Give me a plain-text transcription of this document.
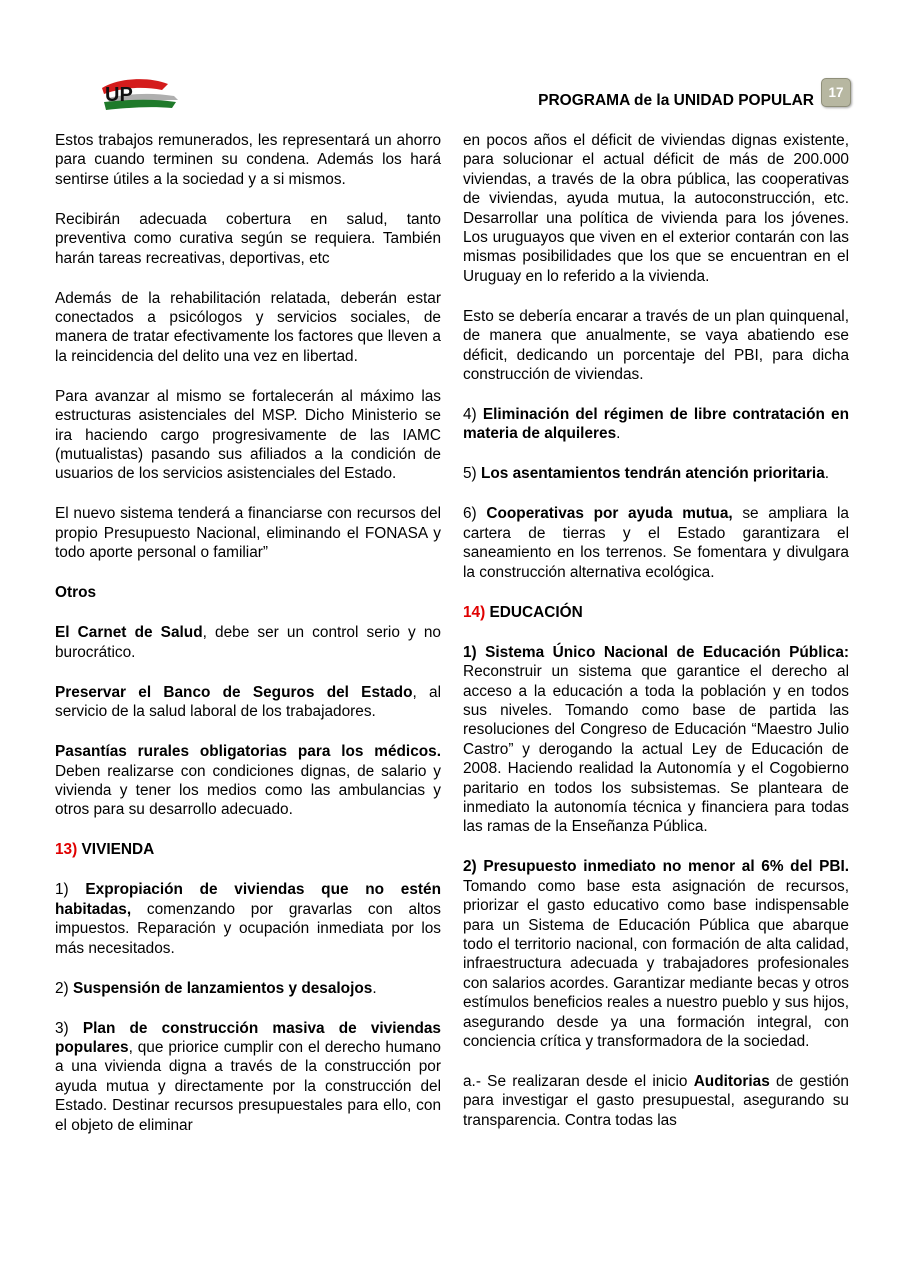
UP	PROGRAMA de la UNIDAD POPULAR	17

Estos trabajos remunerados, les representará un ahorro para cuando terminen su condena. Además los hará sentirse útiles a la sociedad y a si mismos.

Recibirán adecuada cobertura en salud, tanto preventiva como curativa según se requiera. También harán tareas recreativas, deportivas, etc

Además de la rehabilitación relatada, deberán estar conectados a psicólogos y servicios sociales, de manera de tratar efectivamente los factores que lleven a la reincidencia del delito una vez en libertad.

Para avanzar al mismo se fortalecerán al máximo las estructuras asistenciales del MSP. Dicho Ministerio se ira haciendo cargo progresivamente de las IAMC (mutualistas) pasando sus afiliados a la condición de usuarios de los servicios asistenciales del Estado.

El nuevo sistema tenderá a financiarse con recursos del propio Presupuesto Nacional, eliminando el FONASA y todo aporte personal o familiar”

Otros

El Carnet de Salud, debe ser un control serio y no burocrático.

Preservar el Banco de Seguros del Estado, al servicio de la salud laboral de los trabajadores.

Pasantías rurales obligatorias para los médicos. Deben realizarse con condiciones dignas, de salario y vivienda y tener los medios como las ambulancias y otros para su desarrollo adecuado.

13) VIVIENDA

1) Expropiación de viviendas que no estén habitadas, comenzando por gravarlas con altos impuestos. Reparación y ocupación inmediata por los más necesitados.

2) Suspensión de lanzamientos y desalojos.

3) Plan de construcción masiva de viviendas populares, que priorice cumplir con el derecho humano a una vivienda digna a través de la construcción por ayuda mutua y directamente por la construcción del Estado. Destinar recursos presupuestales para ello, con el objeto de eliminar

en pocos años el déficit de viviendas dignas existente, para solucionar el actual déficit de más de 200.000 viviendas, a través de la obra pública, las cooperativas de viviendas, ayuda mutua, la autoconstrucción, etc. Desarrollar una política de vivienda para los jóvenes. Los uruguayos que viven en el exterior contarán con las mismas posibilidades que los que se encuentran en el Uruguay en lo referido a la vivienda.

Esto se debería encarar a través de un plan quinquenal, de manera que anualmente, se vaya abatiendo ese déficit, dedicando un porcentaje del PBI, para dicha construcción de viviendas.

4) Eliminación del régimen de libre contratación en materia de alquileres.

5) Los asentamientos tendrán atención prioritaria.

6) Cooperativas por ayuda mutua, se ampliara la cartera de tierras y el Estado garantizara el saneamiento en los terrenos. Se fomentara y divulgara la construcción alternativa ecológica.

14) EDUCACIÓN

1) Sistema Único Nacional de Educación Pública: Reconstruir un sistema que garantice el derecho al acceso a la educación a toda la población y en todos sus niveles. Tomando como base de partida las resoluciones del Congreso de Educación “Maestro Julio Castro” y derogando la actual Ley de Educación de 2008. Haciendo realidad la Autonomía y el Cogobierno paritario en todos los subsistemas. Se planteara de inmediato la autonomía técnica y financiera para todas las ramas de la Enseñanza Pública.

2) Presupuesto inmediato no menor al 6% del PBI. Tomando como base esta asignación de recursos, priorizar el gasto educativo como base indispensable para un Sistema de Educación Pública que abarque todo el territorio nacional, con formación de alta calidad, infraestructura adecuada y trabajadores profesionales con salarios acordes. Garantizar mediante becas y otros estímulos beneficios reales a nuestro pueblo y sus hijos, asegurando desde ya una formación integral, con conciencia crítica y transformadora de la sociedad.

a.- Se realizaran desde el inicio Auditorias de gestión para investigar el gasto presupuestal, asegurando su transparencia. Contra todas las
